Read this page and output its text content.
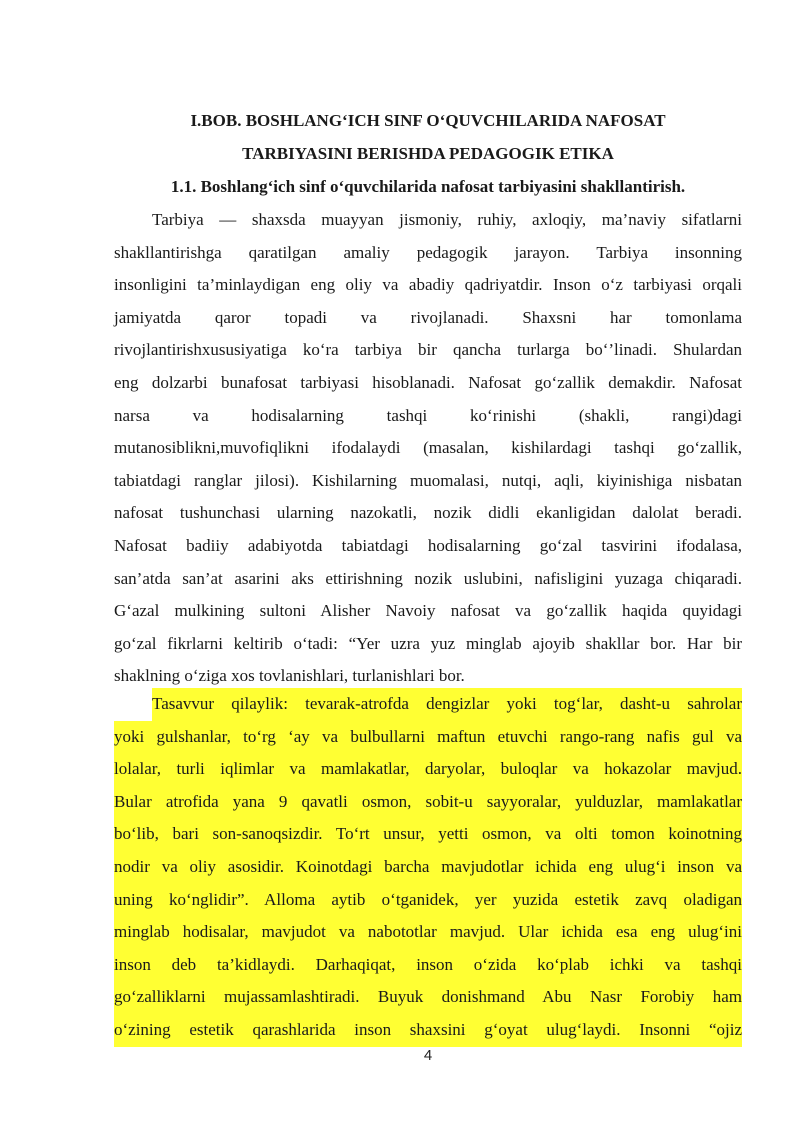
I.BOB. BOSHLANG‘ICH SINF O‘QUVCHILARIDA NAFOSAT
TARBIYASINI BERISHDA PEDAGOGIK ETIKA
1.1. Boshlang‘ich sinf o‘quvchilarida nafosat tarbiyasini shakllantirish.
Tarbiya — shaxsda muayyan jismoniy, ruhiy, axloqiy, ma’naviy sifatlarni
shakllantirishga qaratilgan amaliy pedagogik jarayon. Tarbiya insonning
insonligini ta’minlaydigan eng oliy va abadiy qadriyatdir. Inson o‘z tarbiyasi orqali
jamiyatda qaror topadi va rivojlanadi. Shaxsni har tomonlama
rivojlantirishxususiyatiga ko‘ra tarbiya bir qancha turlarga bo‘’linadi. Shulardan
eng dolzarbi bunafosat tarbiyasi hisoblanadi. Nafosat go‘zallik demakdir. Nafosat
narsa va hodisalarning tashqi ko‘rinishi (shakli, rangi)dagi
mutanosiblikni,muvofiqlikni ifodalaydi (masalan, kishilardagi tashqi go‘zallik,
tabiatdagi ranglar jilosi). Kishilarning muomalasi, nutqi, aqli, kiyinishiga nisbatan
nafosat tushunchasi ularning nazokatli, nozik didli ekanligidan dalolat beradi.
Nafosat badiiy adabiyotda tabiatdagi hodisalarning go‘zal tasvirini ifodalasa,
san’atda san’at asarini aks ettirishning nozik uslubini, nafisligini yuzaga chiqaradi.
G‘azal mulkining sultoni Alisher Navoiy nafosat va go‘zallik haqida quyidagi
go‘zal fikrlarni keltirib o‘tadi: “Yer uzra yuz minglab ajoyib shakllar bor. Har bir
shaklning o‘ziga xos tovlanishlari, turlanishlari bor.
Tasavvur qilaylik: tevarak-atrofda dengizlar yoki tog‘lar, dasht-u sahrolar
yoki gulshanlar, to‘rg ‘ay va bulbullarni maftun etuvchi rango-rang nafis gul va
lolalar, turli iqlimlar va mamlakatlar, daryolar, buloqlar va hokazolar mavjud.
Bular atrofida yana 9 qavatli osmon, sobit-u sayyoralar, yulduzlar, mamlakatlar
bo‘lib, bari son-sanoqsizdir. To‘rt unsur, yetti osmon, va olti tomon koinotning
nodir va oliy asosidir. Koinotdagi barcha mavjudotlar ichida eng ulug‘i inson va
uning ko‘nglidir”. Alloma aytib o‘tganidek, yer yuzida estetik zavq oladigan
minglab hodisalar, mavjudot va nabototlar mavjud. Ular ichida esa eng ulug‘ini
inson deb ta’kidlaydi. Darhaqiqat, inson o‘zida ko‘plab ichki va tashqi
go‘zalliklarni mujassamlashtiradi. Buyuk donishmand Abu Nasr Forobiy ham
o‘zining estetik qarashlarida inson shaxsini g‘oyat ulug‘laydi. Insonni “ojiz
4
